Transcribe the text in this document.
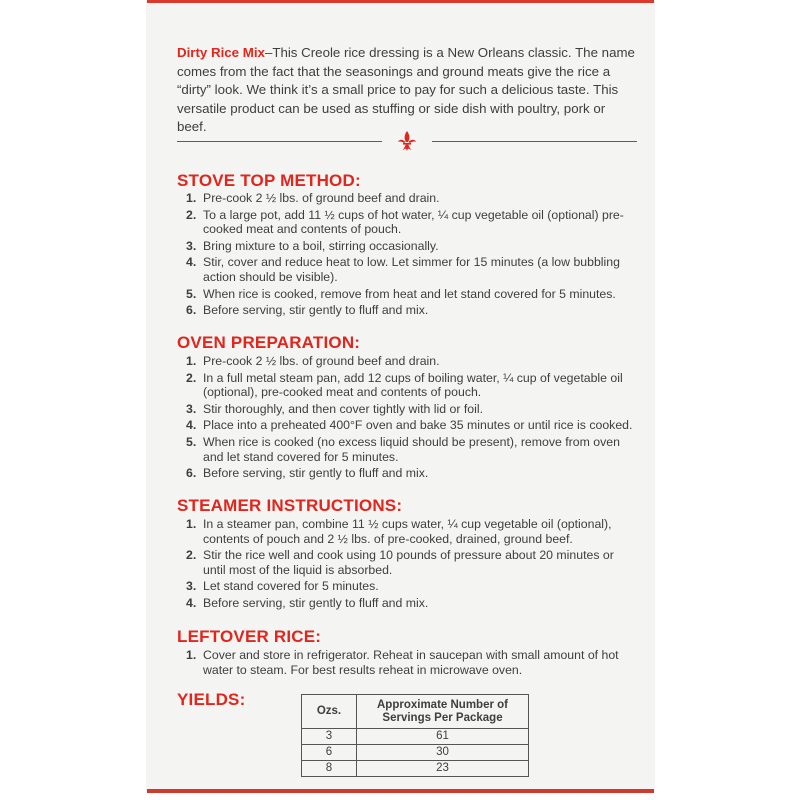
Dirty Rice Mix–This Creole rice dressing is a New Orleans classic. The name comes from the fact that the seasonings and ground meats give the rice a “dirty” look. We think it’s a small price to pay for such a delicious taste. This versatile product can be used as stuffing or side dish with poultry, pork or beef.

STOVE TOP METHOD:
1. Pre-cook 2 ½ lbs. of ground beef and drain.
2. To a large pot, add 11 ½ cups of hot water, ¼ cup vegetable oil (optional) pre-cooked meat and contents of pouch.
3. Bring mixture to a boil, stirring occasionally.
4. Stir, cover and reduce heat to low. Let simmer for 15 minutes (a low bubbling action should be visible).
5. When rice is cooked, remove from heat and let stand covered for 5 minutes.
6. Before serving, stir gently to fluff and mix.
OVEN PREPARATION:
1. Pre-cook 2 ½ lbs. of ground beef and drain.
2. In a full metal steam pan, add 12 cups of boiling water, ¼ cup of vegetable oil (optional), pre-cooked meat and contents of pouch.
3. Stir thoroughly, and then cover tightly with lid or foil.
4. Place into a preheated 400°F oven and bake 35 minutes or until rice is cooked.
5. When rice is cooked (no excess liquid should be present), remove from oven and let stand covered for 5 minutes.
6. Before serving, stir gently to fluff and mix.
STEAMER INSTRUCTIONS:
1. In a steamer pan, combine 11 ½ cups water, ¼ cup vegetable oil (optional), contents of pouch and 2 ½ lbs. of pre-cooked, drained, ground beef.
2. Stir the rice well and cook using 10 pounds of pressure about 20 minutes or until most of the liquid is absorbed.
3. Let stand covered for 5 minutes.
4. Before serving, stir gently to fluff and mix.
LEFTOVER RICE:
1. Cover and store in refrigerator. Reheat in saucepan with small amount of hot water to steam. For best results reheat in microwave oven.
YIELDS:
Ozs.	Approximate Number of Servings Per Package
3	61
6	30
8	23
